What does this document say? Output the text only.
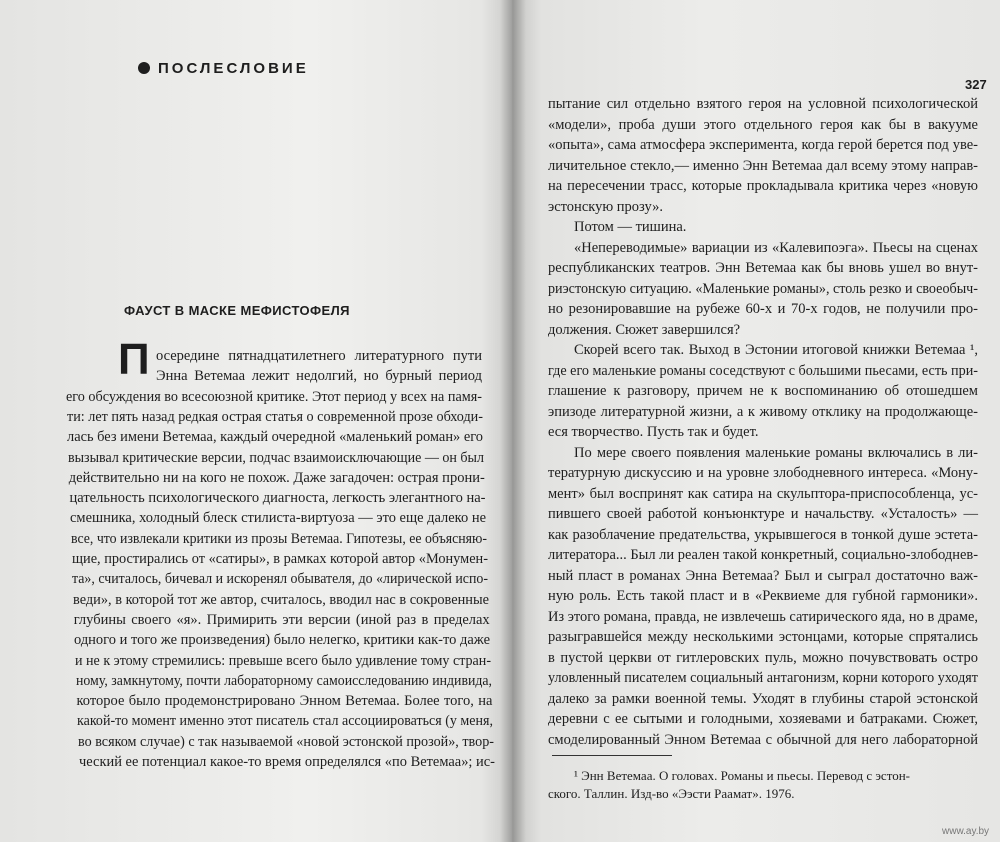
ПОСЛЕСЛОВИЕ
ФАУСТ В МАСКЕ МЕФИСТОФЕЛЯ
П осередине пятнадцатилетнего литературного пути
Энна Ветемаа лежит недолгий, но бурный период
его обсуждения во всесоюзной критике. Этот период у всех на памя-
ти: лет пять назад редкая острая статья о современной прозе обходи-
лась без имени Ветемаа, каждый очередной «маленький роман» его
вызывал критические версии, подчас взаимоисключающие — он был
действительно ни на кого не похож. Даже загадочен: острая прони-
цательность психологического диагноста, легкость элегантного на-
смешника, холодный блеск стилиста-виртуоза — это еще далеко не
все, что извлекали критики из прозы Ветемаа. Гипотезы, ее объясняю-
щие, простирались от «сатиры», в рамках которой автор «Монумен-
та», считалось, бичевал и искоренял обывателя, до «лирической испо-
веди», в которой тот же автор, считалось, вводил нас в сокровенные
глубины своего «я». Примирить эти версии (иной раз в пределах
одного и того же произведения) было нелегко, критики как-то даже
и не к этому стремились: превыше всего было удивление тому стран-
ному, замкнутому, почти лабораторному самоисследованию индивида,
которое было продемонстрировано Энном Ветемаа. Более того, на
какой-то момент именно этот писатель стал ассоциироваться (у меня,
во всяком случае) с так называемой «новой эстонской прозой», твор-
ческий ее потенциал какое-то время определялся «по Ветемаа»; ис-
327
пытание сил отдельно взятого героя на условной психологической
«модели», проба души этого отдельного героя как бы в вакууме
«опыта», сама атмосфера эксперимента, когда герой берется под уве-
личительное стекло,— именно Энн Ветемаа дал всему этому направ-
на пересечении трасс, которые прокладывала критика через «новую
эстонскую прозу».
Потом — тишина.
«Непереводимые» вариации из «Калевипоэга». Пьесы на сценах
республиканских театров. Энн Ветемаа как бы вновь ушел во внут-
риэстонскую ситуацию. «Маленькие романы», столь резко и своеобыч-
но резонировавшие на рубеже 60-х и 70-х годов, не получили про-
должения. Сюжет завершился?
Скорей всего так. Выход в Эстонии итоговой книжки Ветемаа ¹,
где его маленькие романы соседствуют с большими пьесами, есть при-
глашение к разговору, причем не к воспоминанию об отошедшем
эпизоде литературной жизни, а к живому отклику на продолжающе-
еся творчество. Пусть так и будет.
По мере своего появления маленькие романы включались в ли-
тературную дискуссию и на уровне злободневного интереса. «Мону-
мент» был воспринят как сатира на скульптора-приспособленца, ус-
пившего своей работой конъюнктуре и начальству. «Усталость» —
как разоблачение предательства, укрывшегося в тонкой душе эстета-
литератора... Был ли реален такой конкретный, социально-злободнев-
ный пласт в романах Энна Ветемаа? Был и сыграл достаточно важ-
ную роль. Есть такой пласт и в «Реквиеме для губной гармоники».
Из этого романа, правда, не извлечешь сатирического яда, но в драме,
разыгравшейся между несколькими эстонцами, которые спрятались
в пустой церкви от гитлеровских пуль, можно почувствовать остро
уловленный писателем социальный антагонизм, корни которого уходят
далеко за рамки военной темы. Уходят в глубины старой эстонской
деревни с ее сытыми и голодными, хозяевами и батраками. Сюжет,
смоделированный Энном Ветемаа с обычной для него лабораторной
¹ Энн Ветемаа. О головах. Романы и пьесы. Перевод с эстон-
ского. Таллин. Изд-во «Ээсти Раамат». 1976.
www.ay.by
